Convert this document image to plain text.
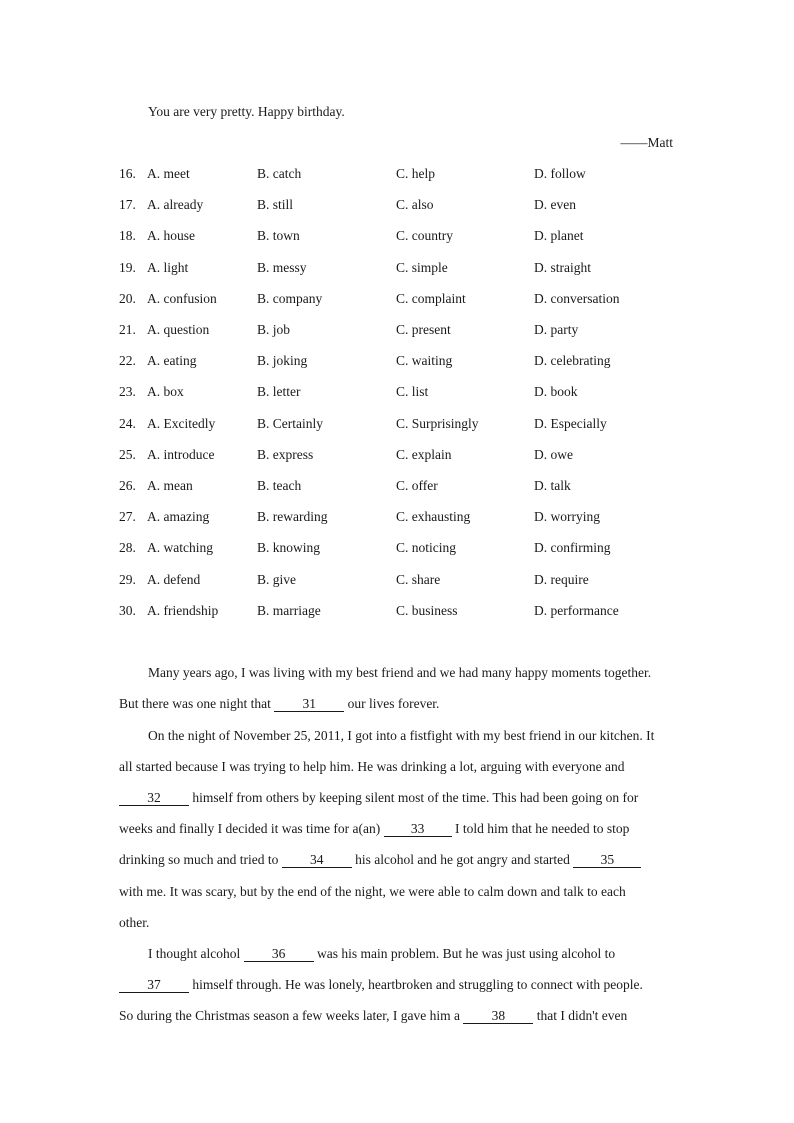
You are very pretty. Happy birthday.
——Matt
16. A. meet	B. catch	C. help	D. follow
17. A. already	B. still	C. also	D. even
18. A. house	B. town	C. country	D. planet
19. A. light	B. messy	C. simple	D. straight
20. A. confusion	B. company	C. complaint	D. conversation
21. A. question	B. job	C. present	D. party
22. A. eating	B. joking	C. waiting	D. celebrating
23. A. box	B. letter	C. list	D. book
24. A. Excitedly	B. Certainly	C. Surprisingly	D. Especially
25. A. introduce	B. express	C. explain	D. owe
26. A. mean	B. teach	C. offer	D. talk
27. A. amazing	B. rewarding	C. exhausting	D. worrying
28. A. watching	B. knowing	C. noticing	D. confirming
29. A. defend	B. give	C. share	D. require
30. A. friendship	B. marriage	C. business	D. performance
Many years ago, I was living with my best friend and we had many happy moments together.
But there was one night that 31 our lives forever.
On the night of November 25, 2011, I got into a fistfight with my best friend in our kitchen. It
all started because I was trying to help him. He was drinking a lot, arguing with everyone and
32 himself from others by keeping silent most of the time. This had been going on for
weeks and finally I decided it was time for a(an) 33 I told him that he needed to stop
drinking so much and tried to 34 his alcohol and he got angry and started 35
with me. It was scary, but by the end of the night, we were able to calm down and talk to each
other.
I thought alcohol 36 was his main problem. But he was just using alcohol to
37 himself through. He was lonely, heartbroken and struggling to connect with people.
So during the Christmas season a few weeks later, I gave him a 38 that I didn't even
